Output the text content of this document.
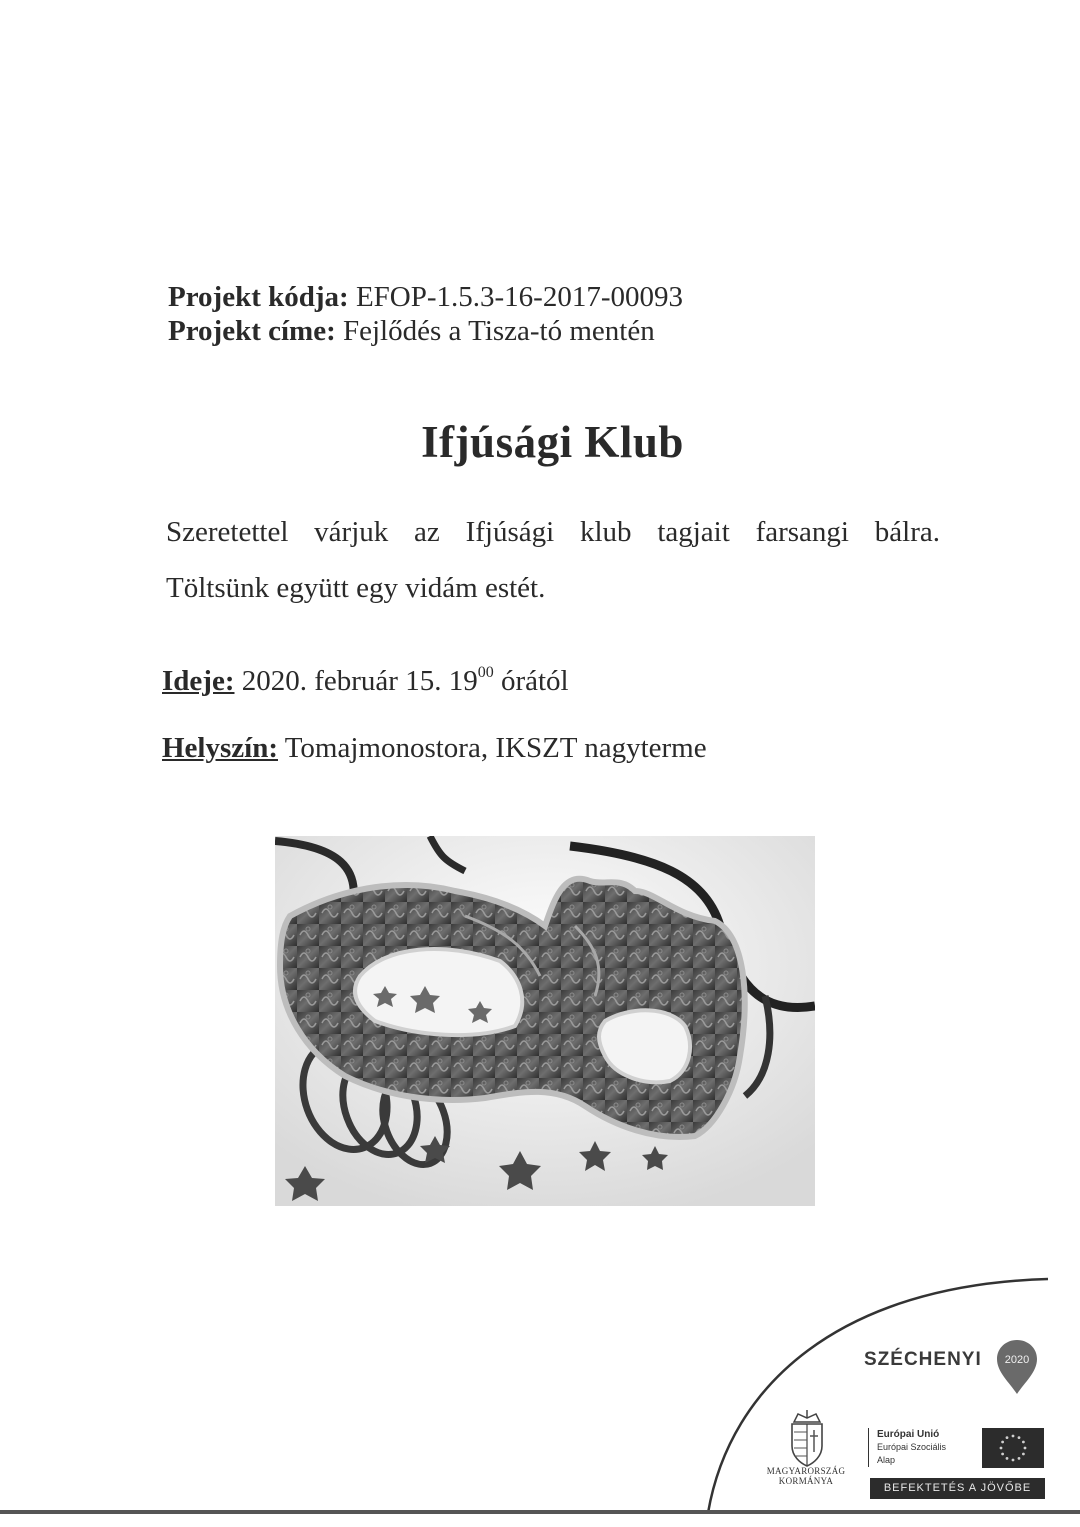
Projekt kódja: EFOP-1.5.3-16-2017-00093
Projekt címe: Fejlődés a Tisza-tó mentén
Ifjúsági Klub
Szeretettel várjuk az Ifjúsági klub tagjait farsangi bálra.
Töltsünk együtt egy vidám estét.
Ideje: 2020. február 15. $19^{00}$ órától
Helyszín: Tomajmonostora, IKSZT nagyterme
SZÉCHENYI 2020
MAGYARORSZÁG
KORMÁNYA
Európai Unió
Európai Szociális
Alap
BEFEKTETÉS A JÖVŐBE
